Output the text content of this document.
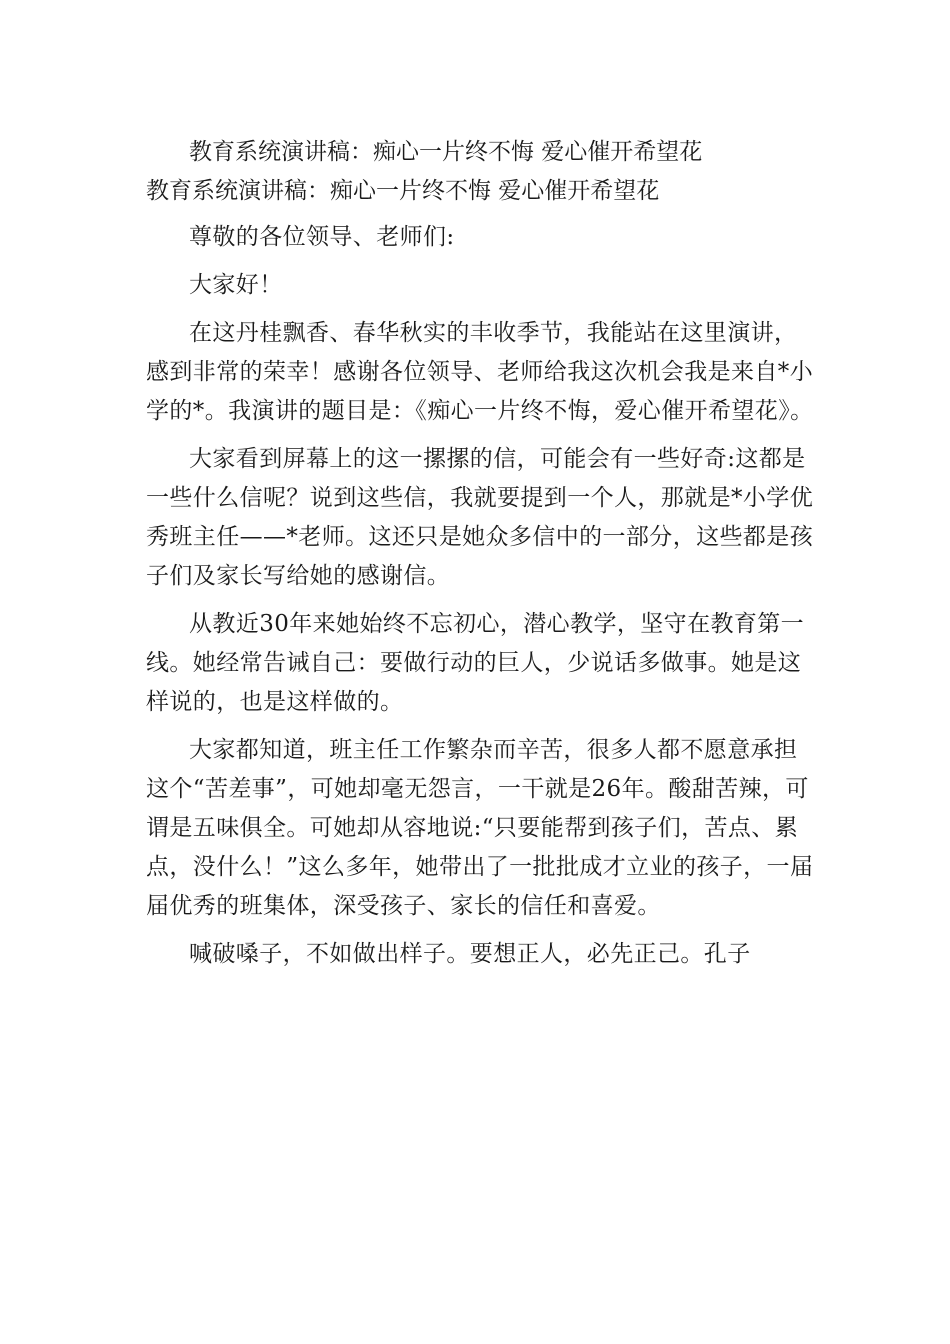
教育系统演讲稿：痴心一片终不悔 爱心催开希望花
教育系统演讲稿：痴心一片终不悔 爱心催开希望花

尊敬的各位领导、老师们:

大家好！

在这丹桂飘香、春华秋实的丰收季节，我能站在这里演讲，感到非常的荣幸！感谢各位领导、老师给我这次机会我是来自*小学的*。我演讲的题目是：《痴心一片终不悔，爱心催开希望花》。

大家看到屏幕上的这一摞摞的信，可能会有一些好奇:这都是一些什么信呢？说到这些信，我就要提到一个人，那就是*小学优秀班主任——*老师。这还只是她众多信中的一部分，这些都是孩子们及家长写给她的感谢信。

从教近30年来她始终不忘初心，潜心教学，坚守在教育第一线。她经常告诫自己：要做行动的巨人，少说话多做事。她是这样说的，也是这样做的。

大家都知道，班主任工作繁杂而辛苦，很多人都不愿意承担这个“苦差事”，可她却毫无怨言，一干就是26年。酸甜苦辣，可谓是五味俱全。可她却从容地说:“只要能帮到孩子们，苦点、累点，没什么！”这么多年，她带出了一批批成才立业的孩子，一届届优秀的班集体，深受孩子、家长的信任和喜爱。

喊破嗓子，不如做出样子。要想正人，必先正己。孔子
